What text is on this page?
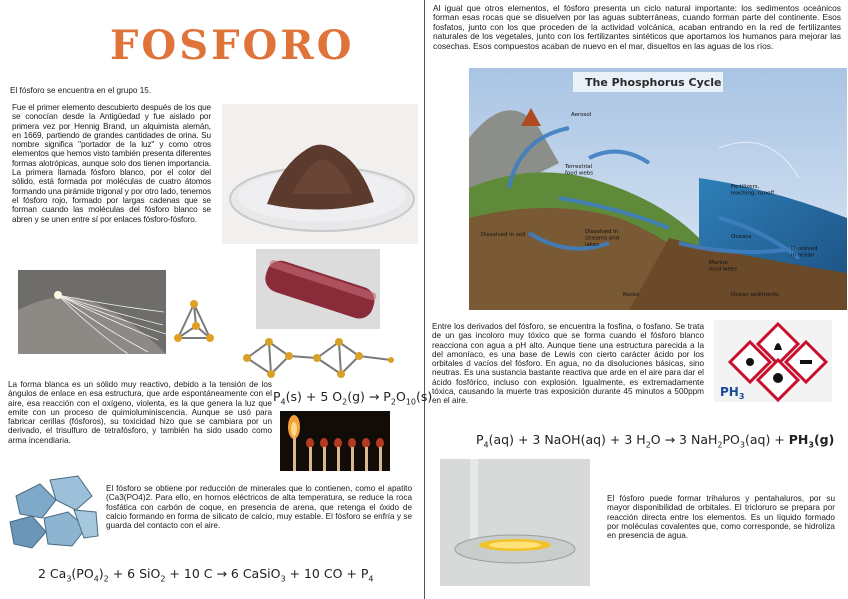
FOSFORO
El fósforo se encuentra en el grupo 15.
Fue el primer elemento descubierto después de los que se conocían desde la Antigüedad y fue aislado por primera vez por Hennig Brand, un alquimista alemán, en 1669, partiendo de grandes cantidades de orina. Su nombre significa "portador de la luz" y como otros elementos que hemos visto también presenta diferentes formas alotrópicas, aunque solo dos tienen importancia. La primera llamada fósforo blanco, por el color del sólido, está formada por moléculas de cuatro átomos formando una pirámide trigonal y por otro lado, tenemos el fósforo rojo, formado por largas cadenas que se forman cuando las moléculas del fósforo blanco se abren y se unen entre sí por enlaces fósforo-fósforo.
La forma blanca es un sólido muy reactivo, debido a la tensión de los ángulos de enlace en esa estructura, que arde espontáneamente con el aire, esa reacción con el oxígeno, violenta, es la que genera la luz que emite con un proceso de quimioluminiscencia. Aunque se usó para fabricar cerillas (fósforos), su toxicidad hizo que se cambiara por un derivado, el trisulfuro de tetrafósforo, y también ha sido usado como arma incendiaria.
$P_4(s) + 5$ $O_2(g) \to P_2O_{10}(s)$
El fósforo se obtiene por reducción de minerales que lo contienen, como el apatito (Ca3(PO4)2. Para ello, en hornos eléctricos de alta temperatura, se reduce la roca fosfática con carbón de coque, en presencia de arena, que retenga el óxido de calcio formando en forma de silicato de calcio, muy estable. El fósforo se enfría y se guarda del contacto con el aire.
2 $Ca_3(PO_4)_2 + 6$ SiO$_2$ + 10 C → 6 CaSiO$_3$ + 10 CO + $P_4$
Al igual que otros elementos, el fósforo presenta un ciclo natural importante: los sedimentos oceánicos forman esas rocas que se disuelven por las aguas subterráneas, cuando forman parte del continente. Esos fosfatos, junto con los que proceden de la actividad volcánica, acaban entrando en la red de fertilizantes naturales de los vegetales, junto con los fertilizantes sintéticos que aportamos los humanos para mejorar las cosechas. Esos compuestos acaban de nuevo en el mar, disueltos en las aguas de los ríos.
The Phosphorus Cycle
Aerosol
Terrestrial food webs
Fertilizers, leaching, runoff
Dissolved in soil	Dissolved in streams and lakes
Oceans
Marine food webs
Dissolved in ocean
Rocks	Ocean sediments
Entre los derivados del fósforo, se encuentra la fosfina, o fosfano. Se trata de un gas incoloro muy tóxico que se forma cuando el fósforo blanco reacciona con agua a pH alto. Aunque tiene una estructura parecida a la del amoníaco, es una base de Lewis con cierto carácter ácido por los orbitales d vacíos del fósforo. En agua, no da disoluciones básicas, sino neutras. Es una sustancia bastante reactiva que arde en el aire para dar el ácido fosfórico, incluso con explosión. Igualmente, es extremadamente tóxica, causando la muerte tras exposición durante 45 minutos a 500ppm en el aire.
$PH_3$
$P_4(aq) + 3$ NaOH(aq) + 3 $H_2O \to 3$ $NaH_2PO_3(aq) + PH_3(g)$
El fósforo puede formar trihaluros y pentahaluros, por su mayor disponibilidad de orbitales. El tricloruro se prepara por reacción directa entre los elementos. Es un líquido formado por moléculas covalentes que, como corresponde, se hidroliza en presencia de agua.
